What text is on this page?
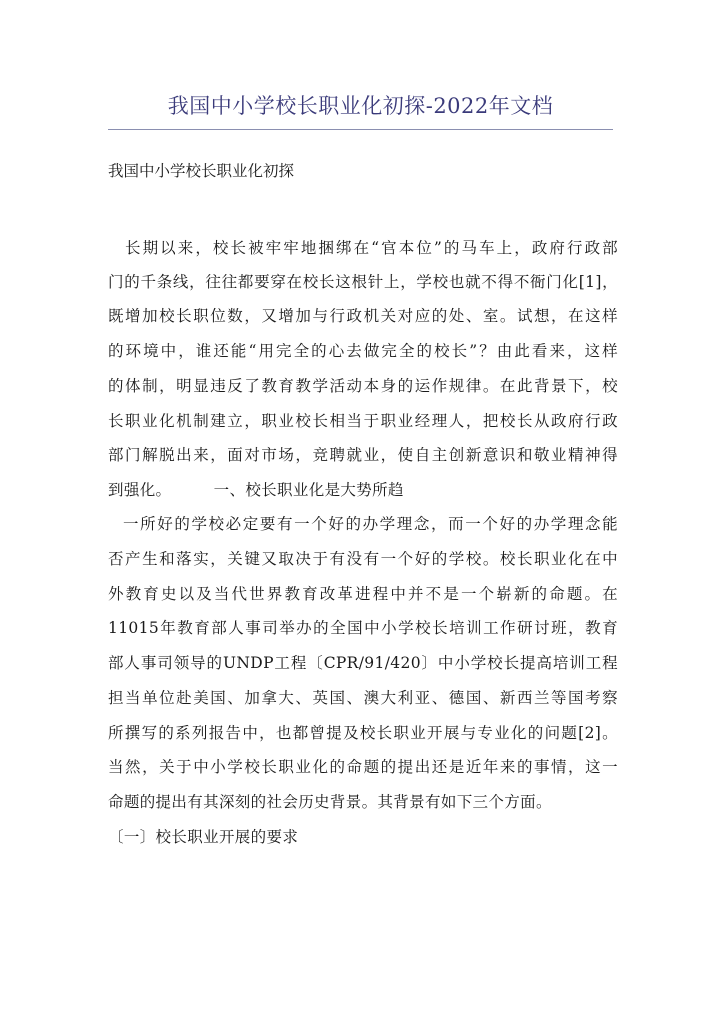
我国中小学校长职业化初探-2022年文档
我国中小学校长职业化初探
长期以来，校长被牢牢地捆绑在“官本位”的马车上，政府行政部
门的千条线，往往都要穿在校长这根针上，学校也就不得不衙门化[1]，
既增加校长职位数，又增加与行政机关对应的处、室。试想，在这样
的环境中，谁还能“用完全的心去做完全的校长”？由此看来，这样
的体制，明显违反了教育教学活动本身的运作规律。在此背景下，校
长职业化机制建立，职业校长相当于职业经理人，把校长从政府行政
部门解脱出来，面对市场，竞聘就业，使自主创新意识和敬业精神得
到强化。        一、校长职业化是大势所趋
一所好的学校必定要有一个好的办学理念，而一个好的办学理念能
否产生和落实，关键又取决于有没有一个好的学校。校长职业化在中
外教育史以及当代世界教育改革进程中并不是一个崭新的命题。在
11015年教育部人事司举办的全国中小学校长培训工作研讨班，教育
部人事司领导的UNDP工程〔CPR/91/420〕中小学校长提高培训工程
担当单位赴美国、加拿大、英国、澳大利亚、德国、新西兰等国考察
所撰写的系列报告中，也都曾提及校长职业开展与专业化的问题[2]。
当然，关于中小学校长职业化的命题的提出还是近年来的事情，这一
命题的提出有其深刻的社会历史背景。其背景有如下三个方面。
〔一〕校长职业开展的要求
